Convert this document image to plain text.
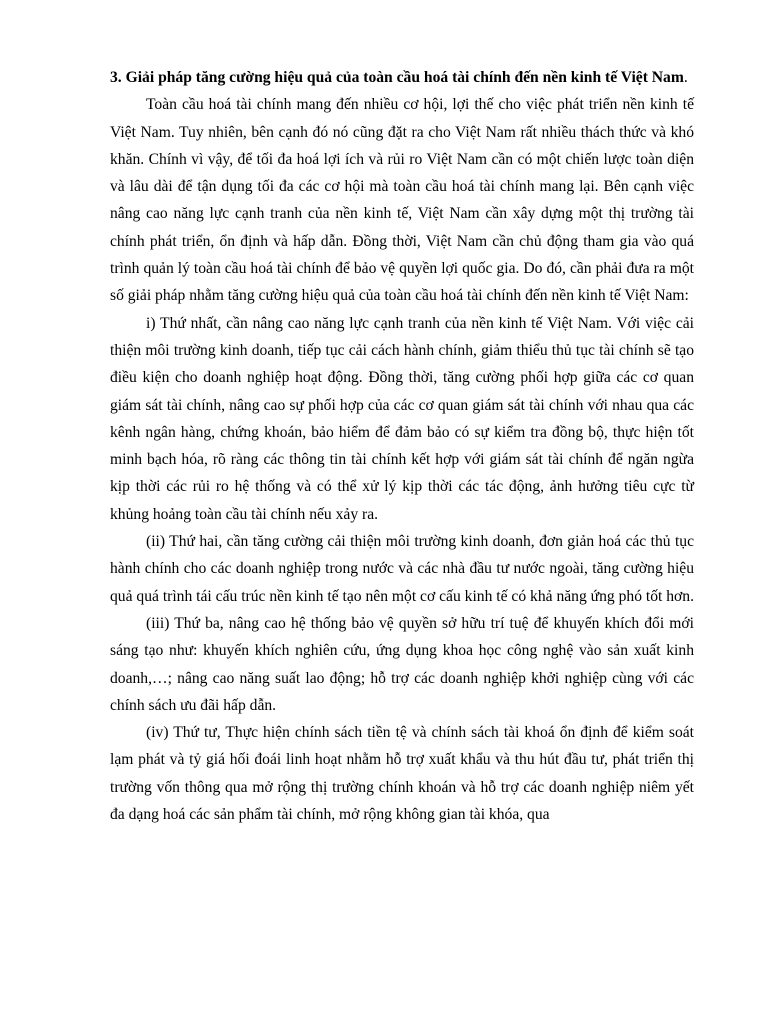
3. Giải pháp tăng cường hiệu quả của toàn cầu hoá tài chính đến nền kinh tế Việt Nam.

Toàn cầu hoá tài chính mang đến nhiều cơ hội, lợi thế cho việc phát triển nền kinh tế Việt Nam. Tuy nhiên, bên cạnh đó nó cũng đặt ra cho Việt Nam rất nhiều thách thức và khó khăn. Chính vì vậy, để tối đa hoá lợi ích và rủi ro Việt Nam cần có một chiến lược toàn diện và lâu dài để tận dụng tối đa các cơ hội mà toàn cầu hoá tài chính mang lại. Bên cạnh việc nâng cao năng lực cạnh tranh của nền kinh tế, Việt Nam cần xây dựng một thị trường tài chính phát triển, ổn định và hấp dẫn. Đồng thời, Việt Nam cần chủ động tham gia vào quá trình quản lý toàn cầu hoá tài chính để bảo vệ quyền lợi quốc gia. Do đó, cần phải đưa ra một số giải pháp nhằm tăng cường hiệu quả của toàn cầu hoá tài chính đến nền kinh tế Việt Nam:

i) Thứ nhất, cần nâng cao năng lực cạnh tranh của nền kinh tế Việt Nam. Với việc cải thiện môi trường kinh doanh, tiếp tục cải cách hành chính, giảm thiểu thủ tục tài chính sẽ tạo điều kiện cho doanh nghiệp hoạt động. Đồng thời, tăng cường phối hợp giữa các cơ quan giám sát tài chính, nâng cao sự phối hợp của các cơ quan giám sát tài chính với nhau qua các kênh ngân hàng, chứng khoán, bảo hiểm để đảm bảo có sự kiểm tra đồng bộ, thực hiện tốt minh bạch hóa, rõ ràng các thông tin tài chính kết hợp với giám sát tài chính để ngăn ngừa kịp thời các rủi ro hệ thống và có thể xử lý kịp thời các tác động, ảnh hưởng tiêu cực từ khủng hoảng toàn cầu tài chính nếu xảy ra.

(ii) Thứ hai, cần tăng cường cải thiện môi trường kinh doanh, đơn giản hoá các thủ tục hành chính cho các doanh nghiệp trong nước và các nhà đầu tư nước ngoài, tăng cường hiệu quả quá trình tái cấu trúc nền kinh tế tạo nên một cơ cấu kinh tế có khả năng ứng phó tốt hơn.

(iii) Thứ ba, nâng cao hệ thống bảo vệ quyền sở hữu trí tuệ để khuyến khích đổi mới sáng tạo như: khuyến khích nghiên cứu, ứng dụng khoa học công nghệ vào sản xuất kinh doanh,…; nâng cao năng suất lao động; hỗ trợ các doanh nghiệp khởi nghiệp cùng với các chính sách ưu đãi hấp dẫn.

(iv) Thứ tư, Thực hiện chính sách tiền tệ và chính sách tài khoá ổn định để kiểm soát lạm phát và tỷ giá hối đoái linh hoạt nhằm hỗ trợ xuất khẩu và thu hút đầu tư, phát triển thị trường vốn thông qua mở rộng thị trường chính khoán và hỗ trợ các doanh nghiệp niêm yết đa dạng hoá các sản phẩm tài chính, mở rộng không gian tài khóa, qua
